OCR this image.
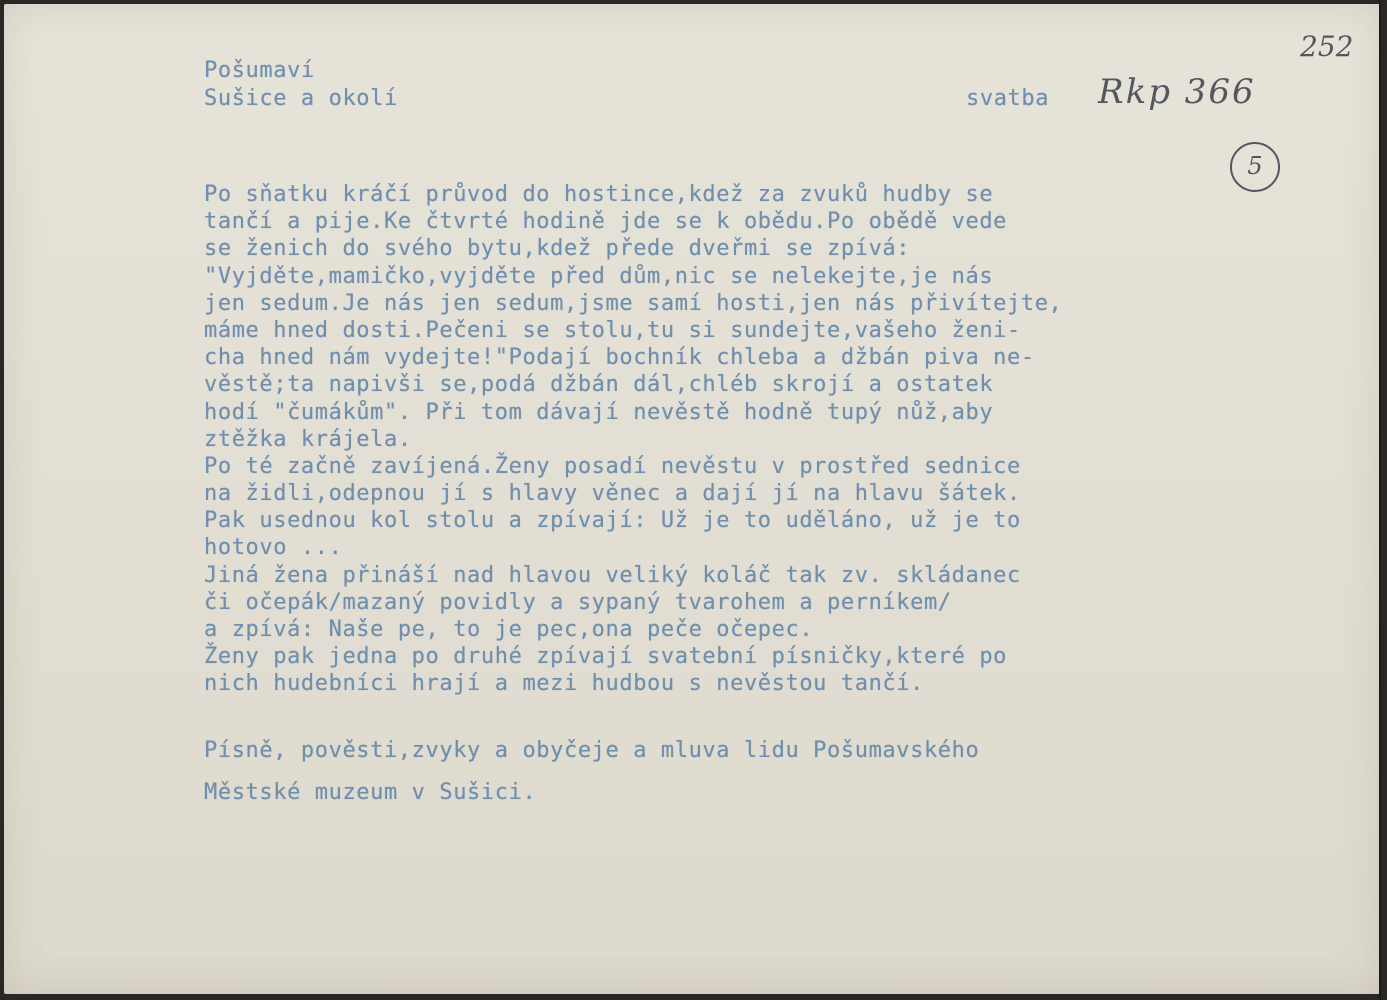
Pošumaví
Sušice a okolí	svatba Rkp 366
252
5
Po sňatku kráčí průvod do hostince,kdež za zvuků hudby se
tančí a pije.Ke čtvrté hodině jde se k obědu.Po obědě vede
se ženich do svého bytu,kdež přede dveřmi se zpívá:
"Vyjděte,mamičko,vyjděte před dům,nic se nelekejte,je nás
jen sedum.Je nás jen sedum,jsme samí hosti,jen nás přivítejte,
máme hned dosti.Pečeni se stolu,tu si sundejte,vašeho ženi-
cha hned nám vydejte!"Podají bochník chleba a džbán piva ne-
věstě;ta napivši se,podá džbán dál,chléb skrojí a ostatek
hodí "čumákům". Při tom dávají nevěstě hodně tupý nůž,aby
ztěžka krájela.
Po té začně zavíjená.Ženy posadí nevěstu v prostřed sednice
na židli,odepnou jí s hlavy věnec a dají jí na hlavu šátek.
Pak usednou kol stolu a zpívají: Už je to uděláno, už je to
hotovo ...
Jiná žena přináší nad hlavou veliký koláč tak zv. skládanec
či očepák/mazaný povidly a sypaný tvarohem a perníkem/
a zpívá: Naše pe, to je pec,ona peče očepec.
Ženy pak jedna po druhé zpívají svatební písničky,které po
nich hudebníci hrají a mezi hudbou s nevěstou tančí.
Písně, pověsti,zvyky a obyčeje a mluva lidu Pošumavského
Městské muzeum v Sušici.
